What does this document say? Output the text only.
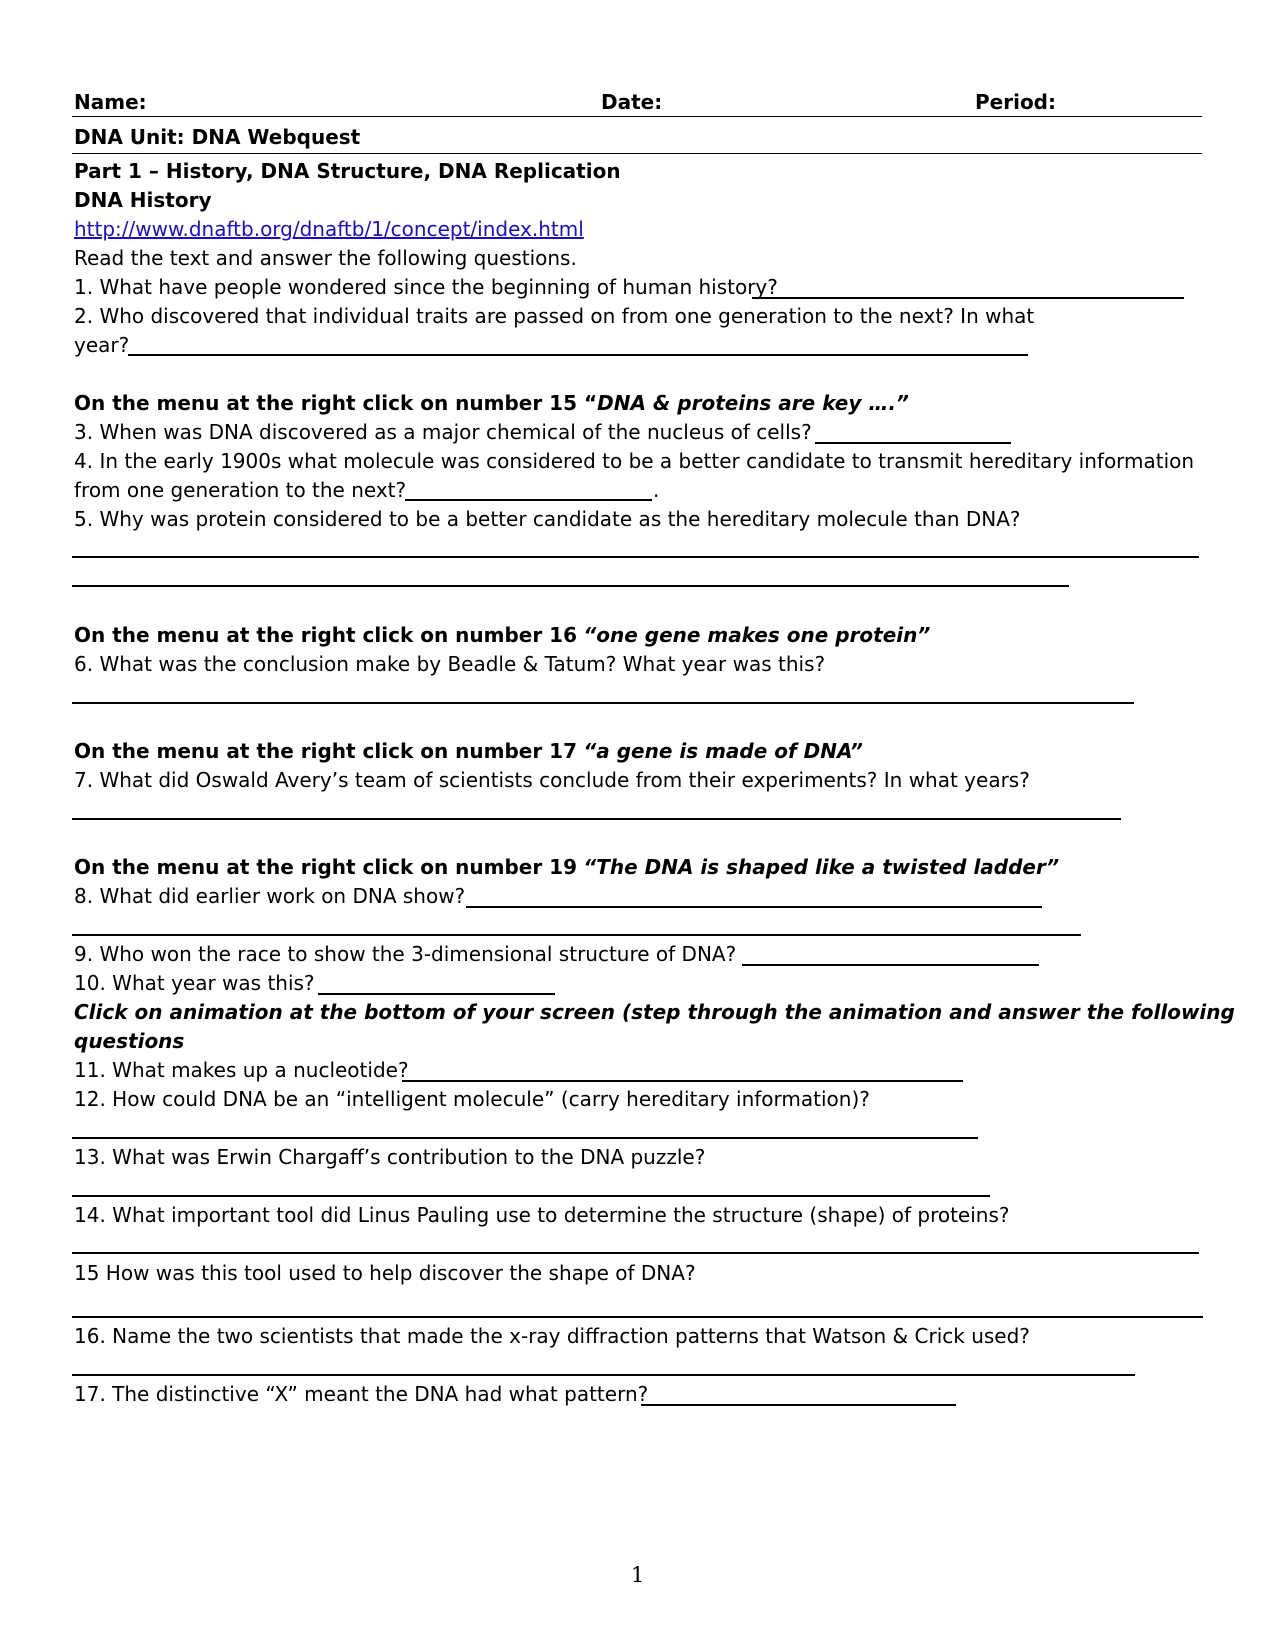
Name:	Date:	Period:
DNA Unit: DNA Webquest
Part 1 – History, DNA Structure, DNA Replication
DNA History
http://www.dnaftb.org/dnaftb/1/concept/index.html
Read the text and answer the following questions.
1. What have people wondered since the beginning of human history?
2. Who discovered that individual traits are passed on from one generation to the next? In what
year?
On the menu at the right click on number 15 “DNA & proteins are key ….”
3. When was DNA discovered as a major chemical of the nucleus of cells?
4. In the early 1900s what molecule was considered to be a better candidate to transmit hereditary information
from one generation to the next?	.
5. Why was protein considered to be a better candidate as the hereditary molecule than DNA?
On the menu at the right click on number 16 “one gene makes one protein”
6. What was the conclusion make by Beadle & Tatum? What year was this?
On the menu at the right click on number 17 “a gene is made of DNA”
7. What did Oswald Avery’s team of scientists conclude from their experiments? In what years?
On the menu at the right click on number 19 “The DNA is shaped like a twisted ladder”
8. What did earlier work on DNA show?
9. Who won the race to show the 3-dimensional structure of DNA?
10. What year was this?
Click on animation at the bottom of your screen (step through the animation and answer the following
questions
11. What makes up a nucleotide?
12. How could DNA be an “intelligent molecule” (carry hereditary information)?
13. What was Erwin Chargaff’s contribution to the DNA puzzle?
14. What important tool did Linus Pauling use to determine the structure (shape) of proteins?
15 How was this tool used to help discover the shape of DNA?
16. Name the two scientists that made the x-ray diffraction patterns that Watson & Crick used?
17. The distinctive “X” meant the DNA had what pattern?
1
